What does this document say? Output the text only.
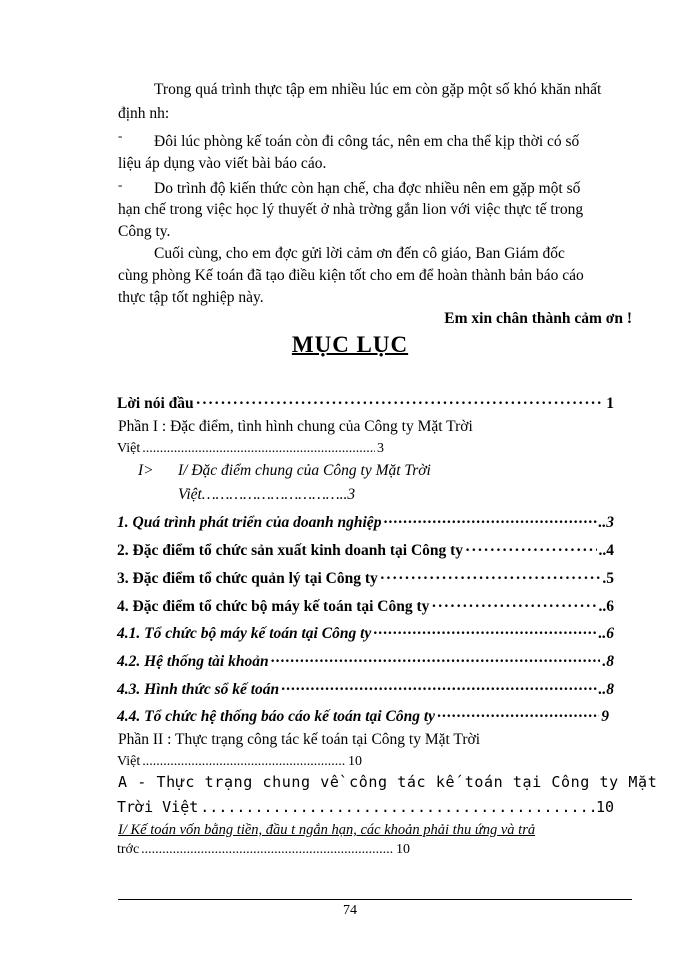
Trong quá trình thực tập em nhiều lúc em còn gặp một số khó khăn nhất
định nh:
- Đôi lúc phòng kế toán còn đi công tác, nên em cha thể kịp thời có số
liệu áp dụng vào viết bài báo cáo.
- Do trình độ kiến thức còn hạn chế, cha đợc nhiều nên em gặp một số
hạn chế trong việc học lý thuyết ở nhà trờng gắn lion với việc thực tế trong
Công ty.
Cuối cùng, cho em đợc gửi lời cảm ơn đến cô giáo, Ban Giám đốc
cùng phòng Kế toán đã tạo điều kiện tốt cho em để hoàn thành bản báo cáo
thực tập tốt nghiệp này.
Em xin chân thành cảm ơn !
MỤC LỤC
Lời nói đầu ·····	1
Phần I : Đặc điểm, tình hình chung của Công ty Mặt Trời
Việt .....	3
I> I/ Đặc điểm chung của Công ty Mặt Trời
Việt…………………………..3
1. Quá trình phát triển của doanh nghiệp ·····	..3
2. Đặc điểm tổ chức sản xuất kinh doanh tại Công ty ·····	..4
3. Đặc điểm tổ chức quản lý tại Công ty ·····	.5
4. Đặc điểm tổ chức bộ máy kế toán tại Công ty ·····	..6
4.1. Tổ chức bộ máy kế toán tại Công ty ·····	..6
4.2. Hệ thống tài khoản ·····	.8
4.3. Hình thức sổ kế toán ·····	..8
4.4. Tổ chức hệ thống báo cáo kế toán tại Công ty ·····	9
Phần II : Thực trạng công tác kế toán tại Công ty Mặt Trời
Việt .....	10
A - Thực trạng chung về công tác kế toán tại Công ty Mặt
Trời Việt .....	10
I/ Kế toán vốn bằng tiền, đầu t ngắn hạn, các khoản phải thu ứng và trả
trớc .....	10
74
